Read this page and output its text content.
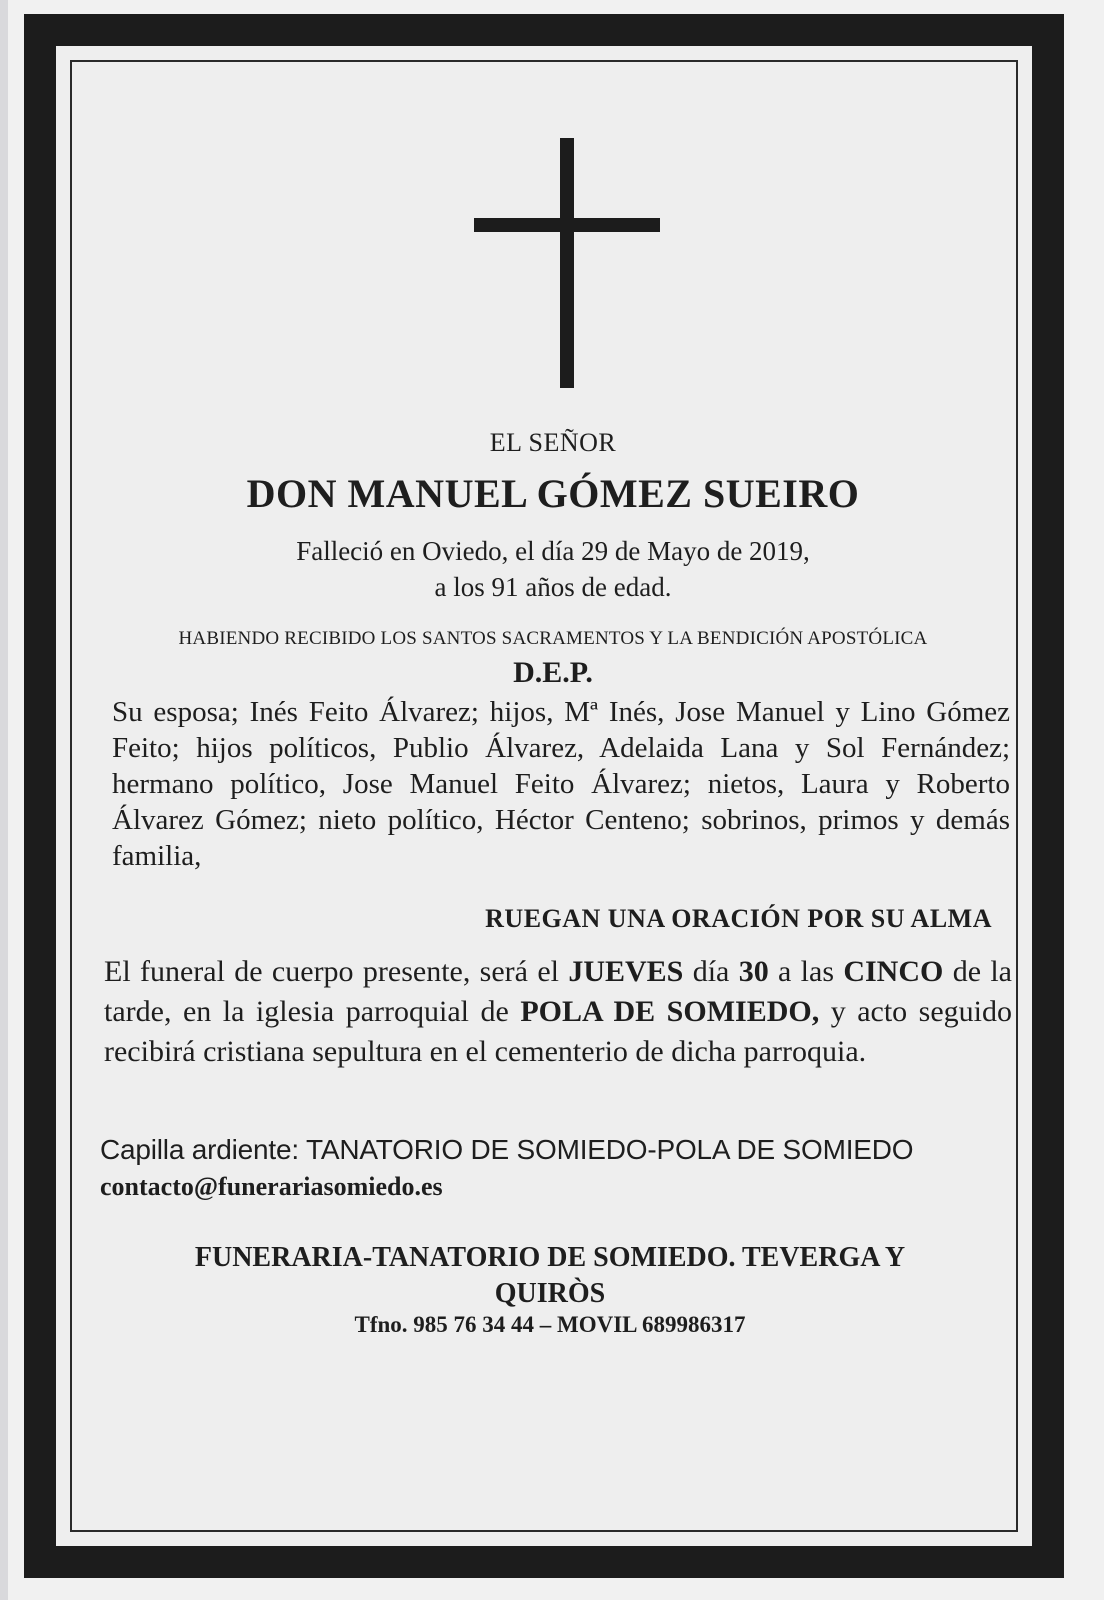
EL SEÑOR
DON MANUEL GÓMEZ SUEIRO
Falleció en Oviedo, el día 29 de Mayo de 2019,
a los 91 años de edad.
HABIENDO RECIBIDO LOS SANTOS SACRAMENTOS Y LA BENDICIÓN APOSTÓLICA
D.E.P.
Su esposa; Inés Feito Álvarez; hijos, Mª Inés, Jose Manuel y Lino Gómez Feito; hijos políticos, Publio Álvarez, Adelaida Lana y Sol Fernández; hermano político, Jose Manuel Feito Álvarez; nietos, Laura y Roberto Álvarez Gómez; nieto político, Héctor Centeno; sobrinos, primos y demás familia,
RUEGAN UNA ORACIÓN POR SU ALMA
El funeral de cuerpo presente, será el JUEVES día 30 a las CINCO de la tarde, en la iglesia parroquial de POLA DE SOMIEDO, y acto seguido recibirá cristiana sepultura en el cementerio de dicha parroquia.
Capilla ardiente: TANATORIO DE SOMIEDO-POLA DE SOMIEDO
contacto@funerariasomiedo.es
FUNERARIA-TANATORIO DE SOMIEDO. TEVERGA Y QUIRÒS
Tfno. 985 76 34 44 – MOVIL 689986317
